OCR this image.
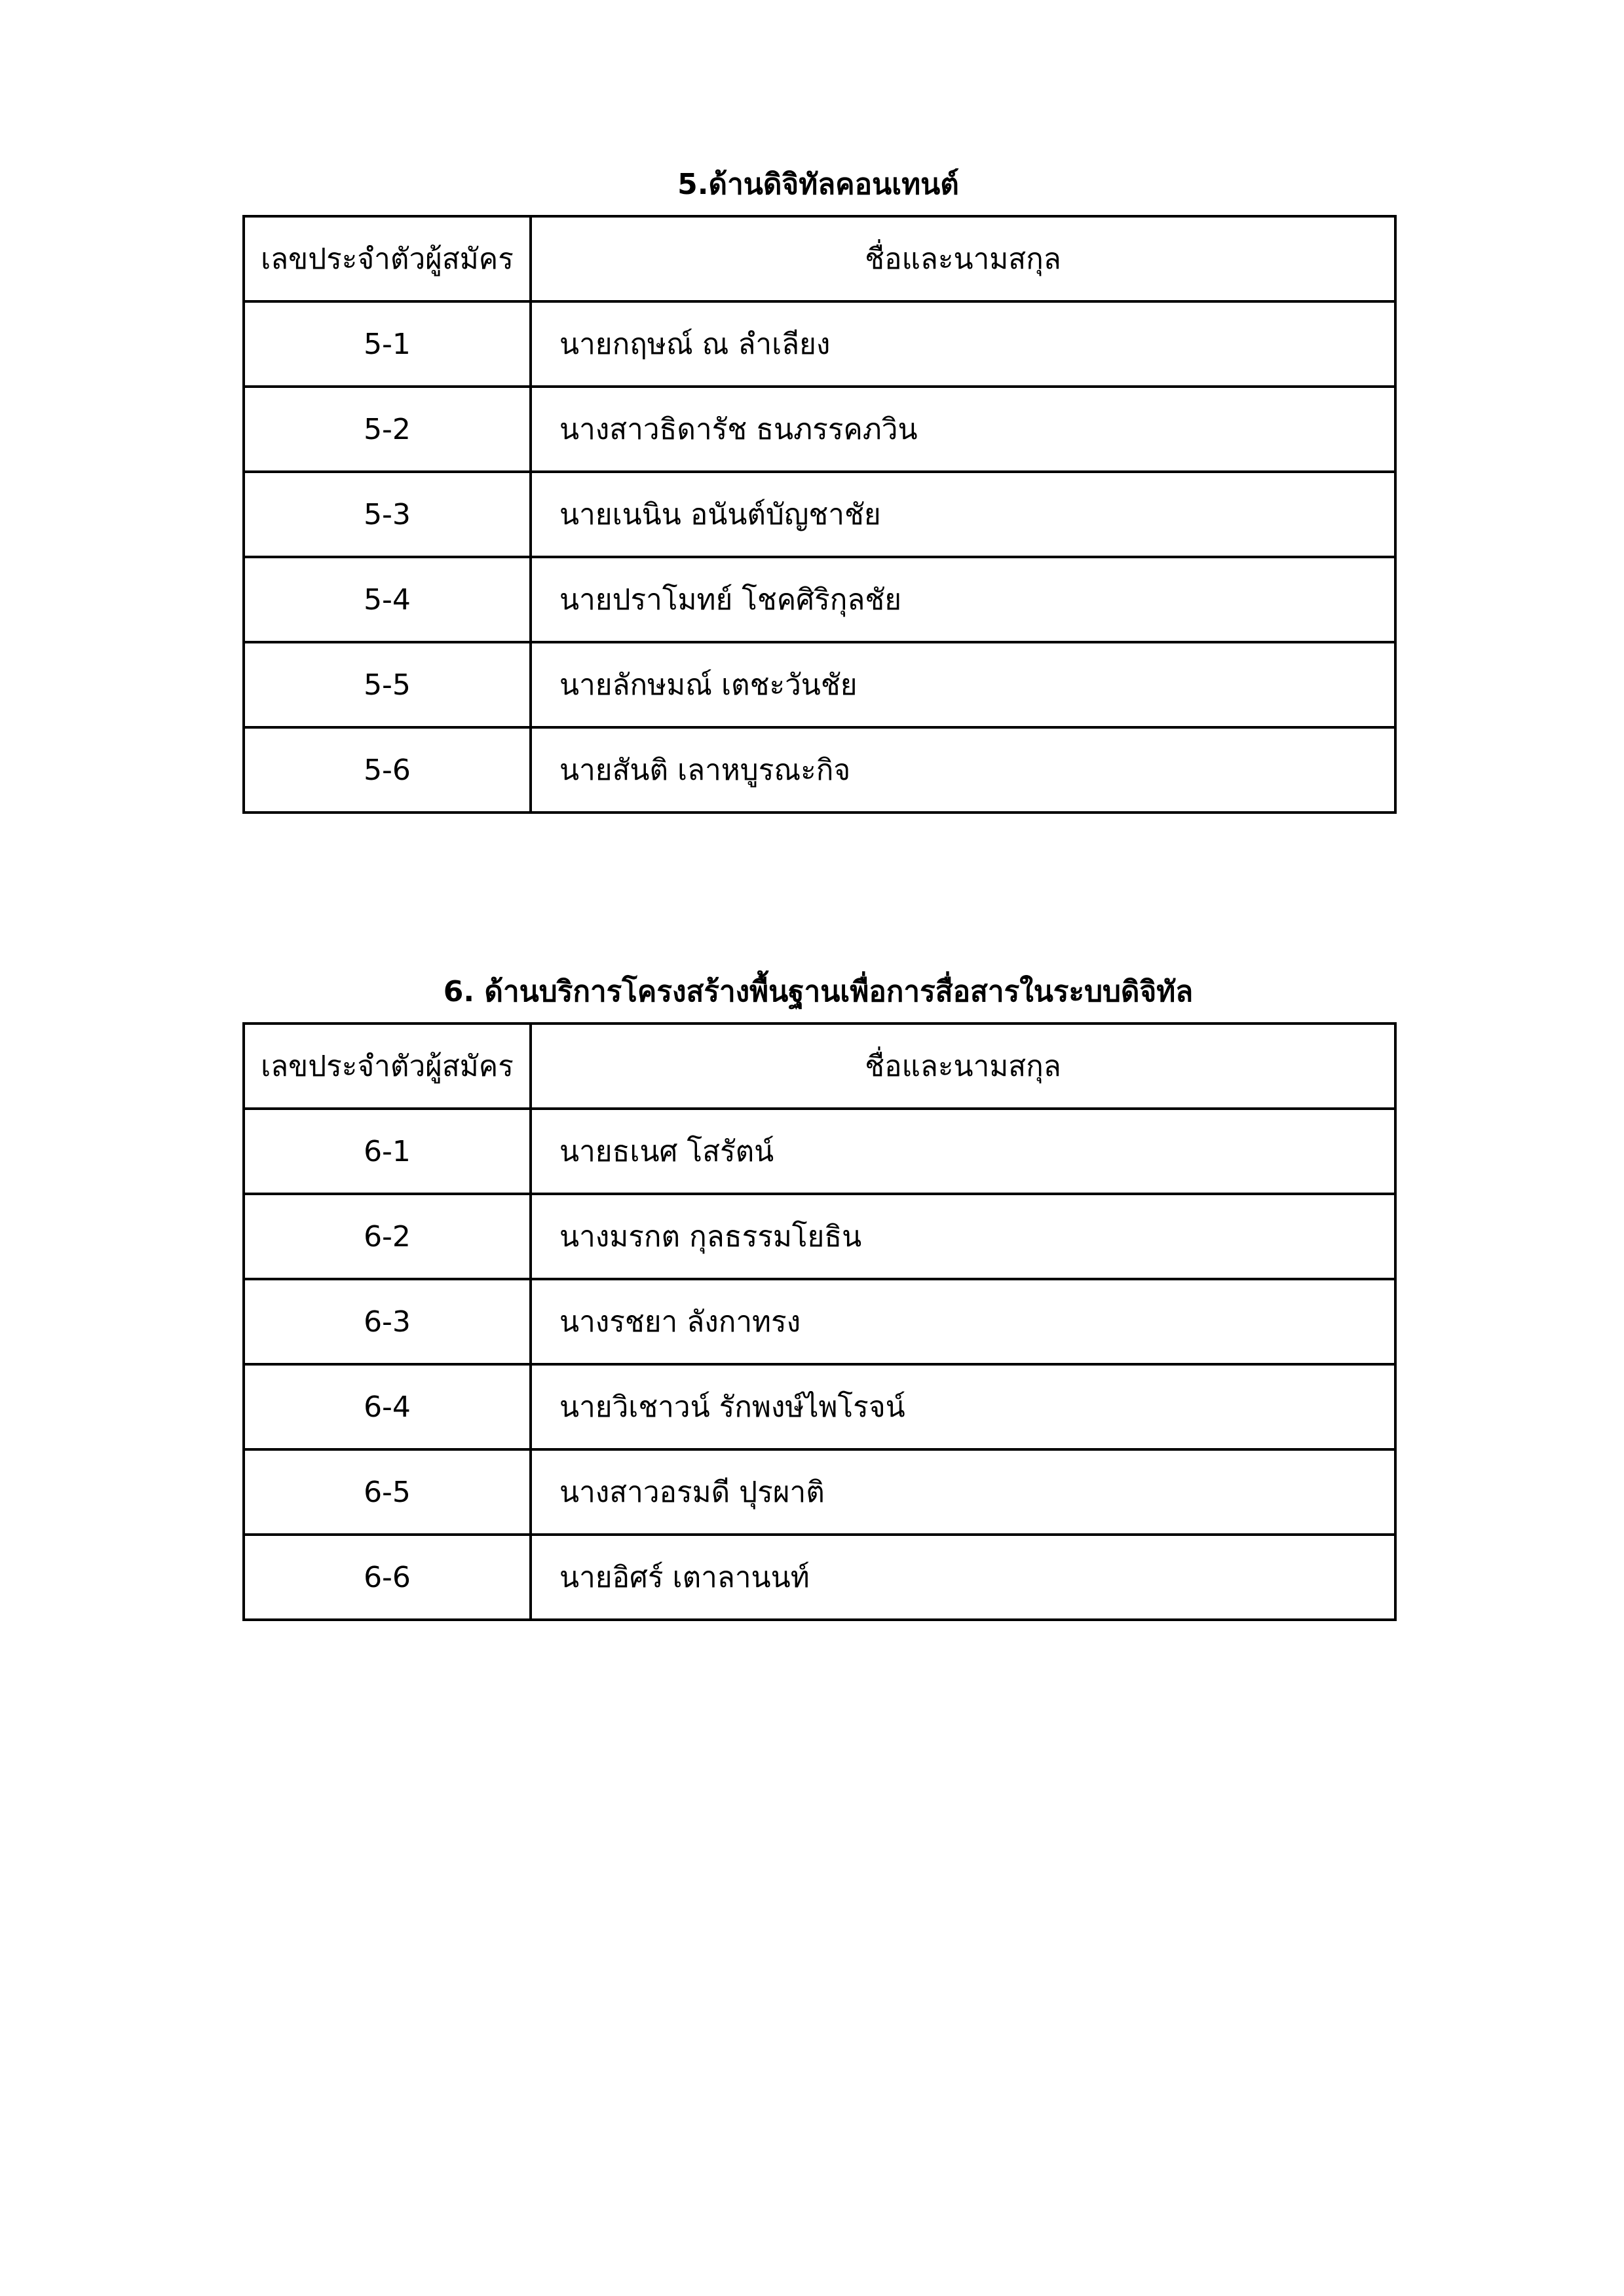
5.ด้านดิจิทัลคอนเทนต์
เลขประจำตัวผู้สมัคร	ชื่อและนามสกุล
5-1	นายกฤษณ์ ณ ลำเลียง
5-2	นางสาวธิดารัช ธนภรรคภวิน
5-3	นายเนนิน อนันต์บัญชาชัย
5-4	นายปราโมทย์ โชคศิริกุลชัย
5-5	นายลักษมณ์ เตชะวันชัย
5-6	นายสันติ เลาหบูรณะกิจ
6. ด้านบริการโครงสร้างพื้นฐานเพื่อการสื่อสารในระบบดิจิทัล
เลขประจำตัวผู้สมัคร	ชื่อและนามสกุล
6-1	นายธเนศ โสรัตน์
6-2	นางมรกต กุลธรรมโยธิน
6-3	นางรชยา ลังกาทรง
6-4	นายวิเชาวน์ รักพงษ์ไพโรจน์
6-5	นางสาวอรมดี ปุรผาติ
6-6	นายอิศร์ เตาลานนท์
